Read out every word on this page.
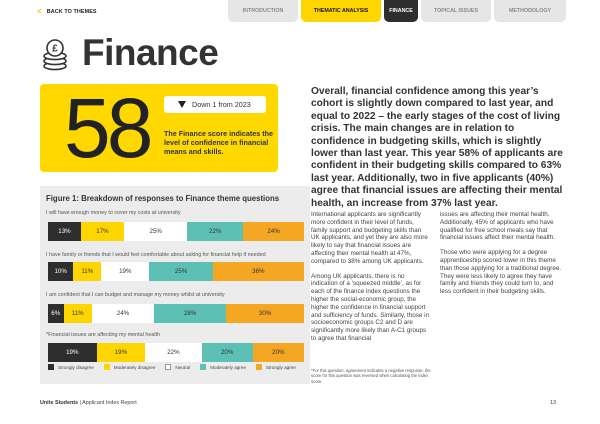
< BACK TO THEMES	INTRODUCTION	THEMATIC ANALYSIS	FINANCE	TOPICAL ISSUES	METHODOLOGY
£ Finance
58	Down 1 from 2023
The Finance score indicates the level of confidence in financial means and skills.
Figure 1: Breakdown of responses to Finance theme questions
I will have enough money to cover my costs at university
13%	17%	25%	22%	24%
I have family or friends that I would feel comfortable about asking for financial help if needed
10%	11%	19%	25%	36%
I am confident that I can budget and manage my money whilst at university
6%	11%	24%	28%	30%
*Financial issues are affecting my mental health
19%	19%	22%	20%	20%
Strongly disagree	Moderately disagree	Neutral	Moderately agree	Strongly agree
Overall, financial confidence among this year’s cohort is slightly down compared to last year, and equal to 2022 – the early stages of the cost of living crisis. The main changes are in relation to confidence in budgeting skills, which is slightly lower than last year. This year 58% of applicants are confident in their budgeting skills compared to 63% last year. Additionally, two in five applicants (40%) agree that financial issues are affecting their mental health, an increase from 37% last year.

International applicants are significantly more confident in their level of funds, family support and budgeting skills than UK applicants, and yet they are also more likely to say that financial issues are affecting their mental health at 47%, compared to 38% among UK applicants.

Among UK applicants, there is no indication of a ‘squeezed middle’, as for each of the finance index questions the higher the social-economic group, the higher the confidence in financial support and sufficiency of funds. Similarly, those in socioeconomic groups C2 and D are significantly more likely than A-C1 groups to agree that financial

issues are affecting their mental health. Additionally, 45% of applicants who have qualified for free school meals say that financial issues affect their mental health.

Those who were applying for a degree apprenticeship scored lower in this theme than those applying for a traditional degree. They were less likely to agree they have family and friends they could turn to, and less confident in their budgeting skills.

*For this question, agreement indicates a negative response: the score for this question was reversed when calculating the index score.
Unite Students | Applicant Index Report	13
